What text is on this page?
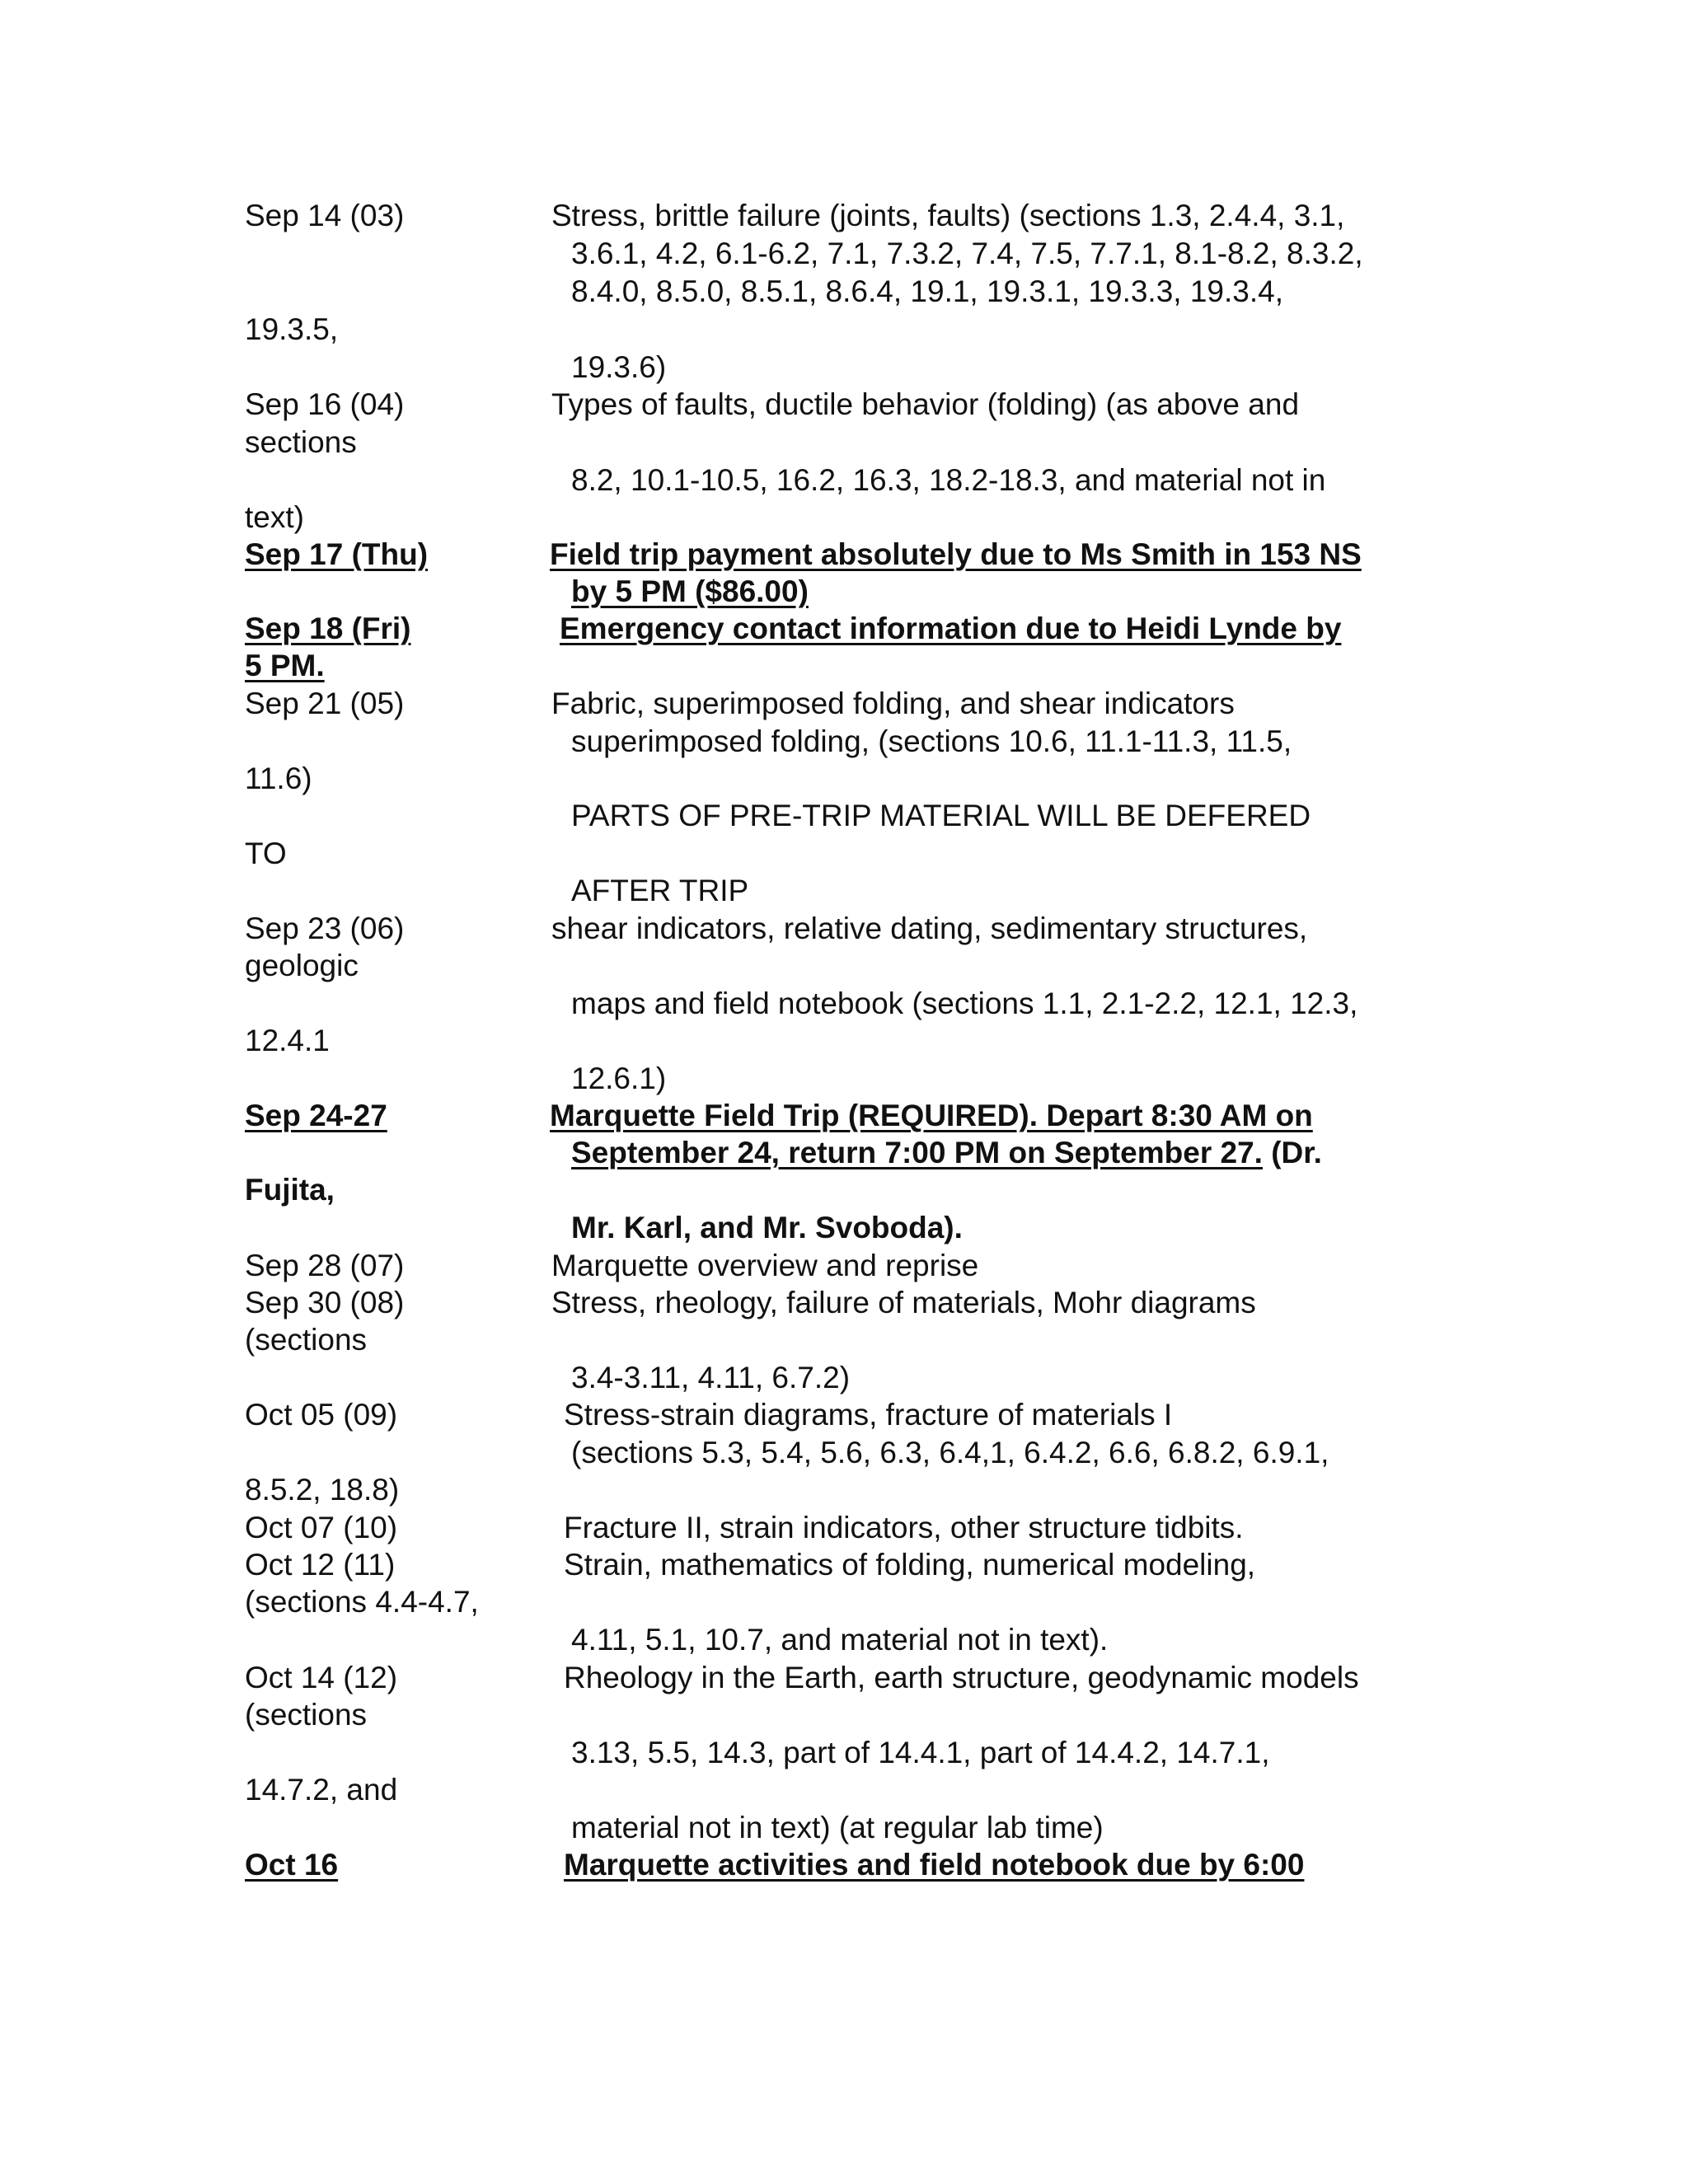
Sep 14 (03)	Stress, brittle failure (joints, faults) (sections 1.3, 2.4.4, 3.1,
3.6.1, 4.2, 6.1-6.2, 7.1, 7.3.2, 7.4, 7.5, 7.7.1, 8.1-8.2, 8.3.2,
8.4.0, 8.5.0, 8.5.1, 8.6.4, 19.1, 19.3.1, 19.3.3, 19.3.4,
19.3.5,
19.3.6)
Sep 16 (04)	Types of faults, ductile behavior (folding) (as above and
sections
8.2, 10.1-10.5, 16.2, 16.3, 18.2-18.3, and material not in
text)
Sep 17 (Thu)	Field trip payment absolutely due to Ms Smith in 153 NS
by 5 PM ($86.00)
Sep 18 (Fri)	Emergency contact information due to Heidi Lynde by
5 PM.
Sep 21 (05)	Fabric, superimposed folding, and shear indicators
superimposed folding, (sections 10.6, 11.1-11.3, 11.5,
11.6)
PARTS OF PRE-TRIP MATERIAL WILL BE DEFERED
TO
AFTER TRIP
Sep 23 (06)	shear indicators, relative dating, sedimentary structures,
geologic
maps and field notebook (sections 1.1, 2.1-2.2, 12.1, 12.3,
12.4.1
12.6.1)
Sep 24-27	Marquette Field Trip (REQUIRED). Depart 8:30 AM on
September 24, return 7:00 PM on September 27. (Dr.
Fujita,
Mr. Karl, and Mr. Svoboda).
Sep 28 (07)	Marquette overview and reprise
Sep 30 (08)	Stress, rheology, failure of materials, Mohr diagrams
(sections
3.4-3.11, 4.11, 6.7.2)
Oct 05 (09)	Stress-strain diagrams, fracture of materials I
(sections 5.3, 5.4, 5.6, 6.3, 6.4,1, 6.4.2, 6.6, 6.8.2, 6.9.1,
8.5.2, 18.8)
Oct 07 (10)	Fracture II, strain indicators, other structure tidbits.
Oct 12 (11)	Strain, mathematics of folding, numerical modeling,
(sections 4.4-4.7,
4.11, 5.1, 10.7, and material not in text).
Oct 14 (12)	Rheology in the Earth, earth structure, geodynamic models
(sections
3.13, 5.5, 14.3, part of 14.4.1, part of 14.4.2, 14.7.1,
14.7.2, and
material not in text) (at regular lab time)
Oct 16	Marquette activities and field notebook due by 6:00
